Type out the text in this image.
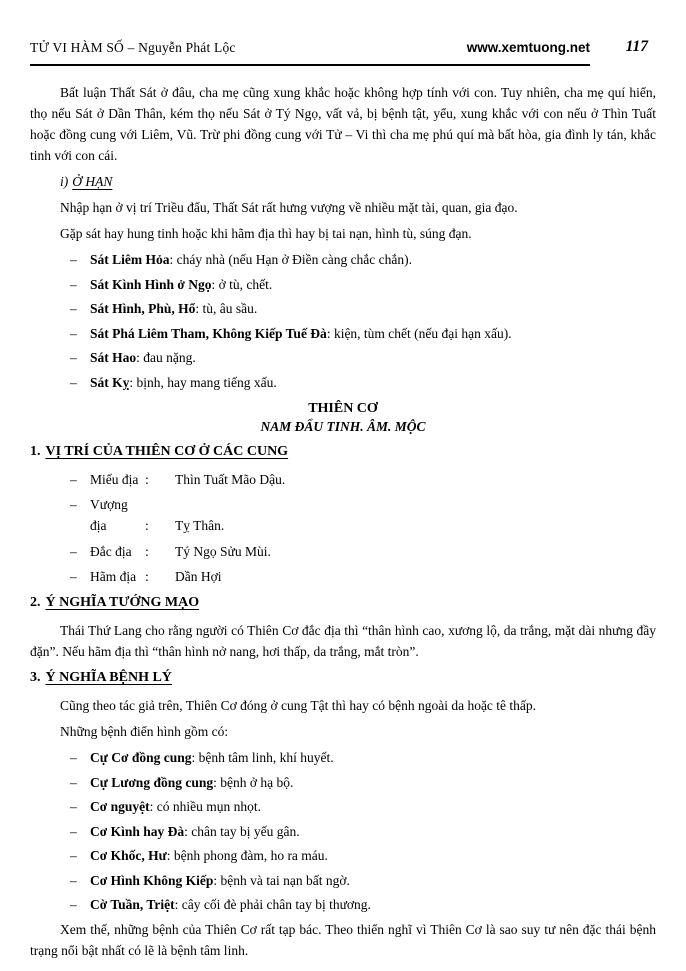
TỬ VI HÀM SỐ – Nguyễn Phát Lộc	www.xemtuong.net 117

Bất luận Thất Sát ở đâu, cha mẹ cũng xung khắc hoặc không hợp tính với con. Tuy nhiên, cha mẹ quí hiển, thọ nếu Sát ở Dần Thân, kém thọ nếu Sát ở Tý Ngọ, vất vả, bị bệnh tật, yểu, xung khắc với con nếu ở Thìn Tuất hoặc đồng cung với Liêm, Vũ. Trừ phi đồng cung với Tử – Vi thì cha mẹ phú quí mà bất hòa, gia đình ly tán, khắc tinh với con cái.

i) Ở HẠN

Nhập hạn ở vị trí Triều đẩu, Thất Sát rất hưng vượng về nhiều mặt tài, quan, gia đạo.

Gặp sát hay hung tinh hoặc khi hãm địa thì hay bị tai nạn, hình tù, súng đạn.

– Sát Liêm Hỏa: cháy nhà (nếu Hạn ở Điền càng chắc chắn).
– Sát Kình Hình ở Ngọ: ở tù, chết.
– Sát Hình, Phù, Hổ: tù, âu sầu.
– Sát Phá Liêm Tham, Không Kiếp Tuế Đà: kiện, tùm chết (nếu đại hạn xấu).
– Sát Hao: đau nặng.
– Sát Kỵ: bịnh, hay mang tiếng xấu.
THIÊN CƠ
NAM ĐẨU TINH. ÂM. MỘC
1. VỊ TRÍ CỦA THIÊN CƠ Ở CÁC CUNG
– Miếu địa : Thìn Tuất Mão Dậu.
– Vượng địa	: Tỵ Thân.
– Đắc địa : Tý Ngọ Sửu Mùi.
– Hãm địa : Dần Hợi
2. Ý NGHĨA TƯỚNG MẠO

Thái Thứ Lang cho rằng người có Thiên Cơ đắc địa thì “thân hình cao, xương lộ, da trắng, mặt dài nhưng đầy đặn”. Nếu hãm địa thì “thân hình nở nang, hơi thấp, da trắng, mắt tròn”.

3. Ý NGHĨA BỆNH LÝ

Cũng theo tác giả trên, Thiên Cơ đóng ở cung Tật thì hay có bệnh ngoài da hoặc tê thấp.

Những bệnh điển hình gồm có:

– Cự Cơ đồng cung: bệnh tâm linh, khí huyết.
– Cự Lương đồng cung: bệnh ở hạ bộ.
– Cơ nguyệt: có nhiều mụn nhọt.
– Cơ Kình hay Đà: chân tay bị yếu gân.
– Cơ Khốc, Hư: bệnh phong đàm, ho ra máu.
– Cơ Hình Không Kiếp: bệnh và tai nạn bất ngờ.
– Cờ Tuần, Triệt: cây cối đè phải chân tay bị thương.

Xem thế, những bệnh của Thiên Cơ rất tạp bác. Theo thiển nghĩ vì Thiên Cơ là sao suy tư nên đặc thái bệnh trạng nổi bật nhất có lẽ là bệnh tâm linh.
